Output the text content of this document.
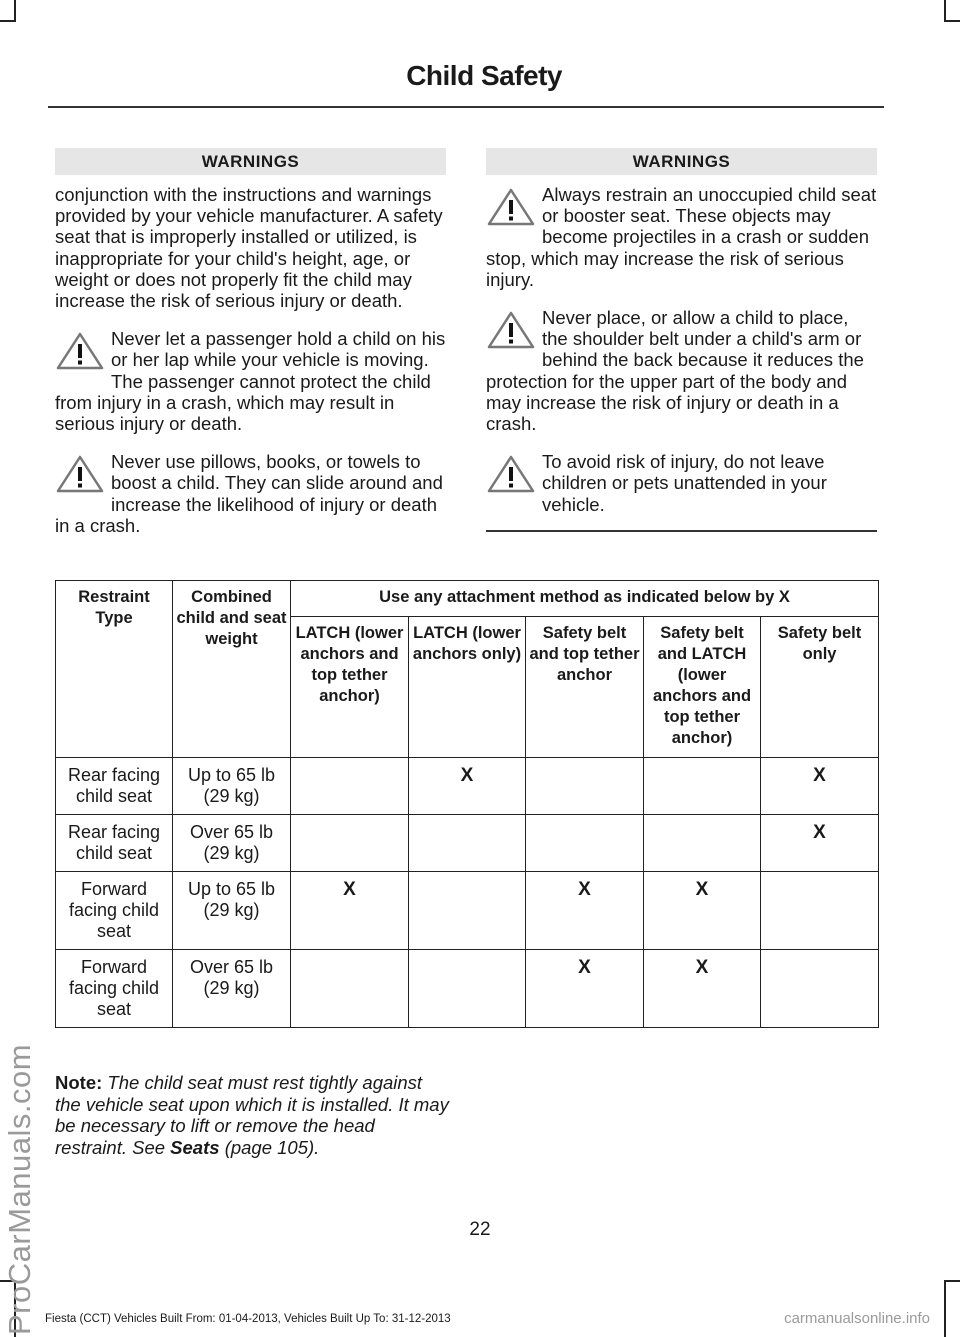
Child Safety
WARNINGS

conjunction with the instructions and warnings provided by your vehicle manufacturer. A safety seat that is improperly installed or utilized, is inappropriate for your child's height, age, or weight or does not properly fit the child may increase the risk of serious injury or death.

Never let a passenger hold a child on his or her lap while your vehicle is moving. The passenger cannot protect the child from injury in a crash, which may result in serious injury or death.
Never use pillows, books, or towels to boost a child. They can slide around and increase the likelihood of injury or death in a crash.
WARNINGS
Always restrain an unoccupied child seat or booster seat. These objects may become projectiles in a crash or sudden stop, which may increase the risk of serious injury.
Never place, or allow a child to place, the shoulder belt under a child's arm or behind the back because it reduces the protection for the upper part of the body and may increase the risk of injury or death in a crash.
To avoid risk of injury, do not leave children or pets unattended in your vehicle.
Restraint Type	Combined child and seat weight	Use any attachment method as indicated below by X				
		LATCH (lower anchors and top tether anchor)	LATCH (lower anchors only)	Safety belt and top tether anchor	Safety belt and LATCH (lower anchors and top tether anchor)	Safety belt only
Rear facing child seat	Up to 65 lb (29 kg)		X			X
Rear facing child seat	Over 65 lb (29 kg)					X
Forward facing child seat	Up to 65 lb (29 kg)	X		X	X	
Forward facing child seat	Over 65 lb (29 kg)			X	X	
Note: The child seat must rest tightly against the vehicle seat upon which it is installed. It may be necessary to lift or remove the head restraint. See Seats (page 105).
22
Fiesta (CCT) Vehicles Built From: 01-04-2013, Vehicles Built Up To: 31-12-2013
ProCarManuals.com	carmanualsonline.info
